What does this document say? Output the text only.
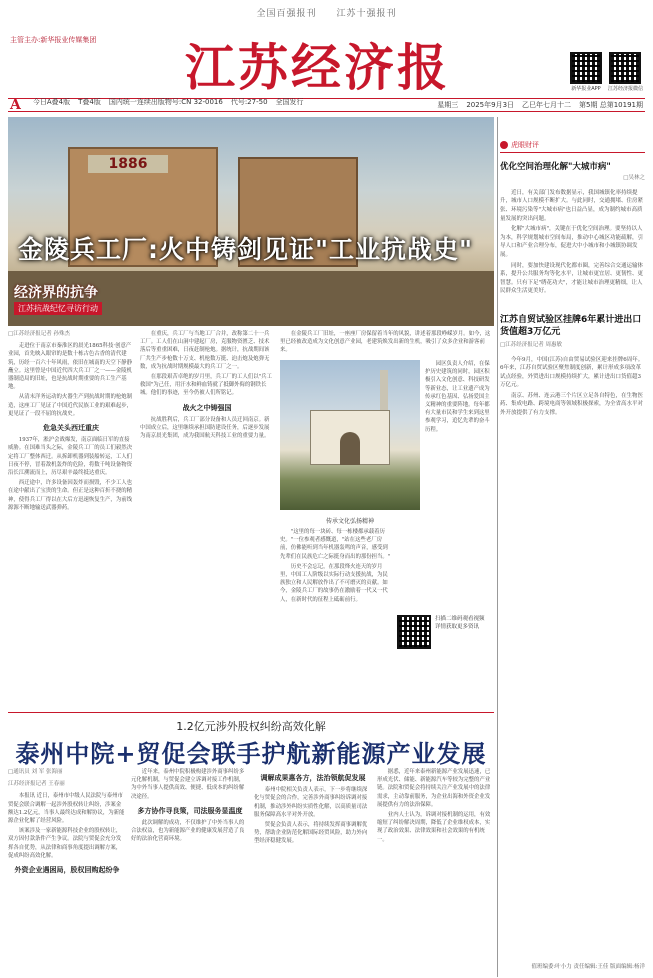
全国百强报刊 江苏十强报刊
主管主办:新华报业传媒集团 江苏经济报	新华报业APP 江苏经济报微信
A 今日A叠4版 T叠4版 国内统一连续出版物号:CN 32-0016 代号:27-50 全国发行	星期三 2025年9月3日 乙巳年七月十二 第5期 总第10191期
1886
金陵兵工厂:火中铸剑见证"工业抗战史"
经济界的抗争
江苏抗战纪忆寻访行动

□江苏经济报记者 孙殊杰

走进位于南京市秦淮区的晨光1865科技·创意产业园，首先映入眼帘的是数十栋古色古香的清代建筑，历经一百六十年风雨，依旧在城南的天空下静静矗立。这里曾是中国近代四大兵工厂之一——金陵机器制造局的旧址，也是抗战时期重要的兵工生产基地。

从清末洋务运动的火器生产到抗战时期的枪炮制造，这座工厂见证了中国近代民族工业的艰难起步，更见证了一段不屈的抗战史。

危急关头西迁重庆

1937年，淞沪会战爆发，南京面临日军的直接威胁。在国难当头之际，金陵兵工厂的员工们毅然决定将工厂整体西迁。从拆卸机器到装船转运，工人们日夜不停，冒着敌机轰炸的危险，将数千吨设备物资沿长江溯流而上，历尽艰辛最终抵达重庆。

西迁途中，许多设备因轰炸而损毁，不少工人也在途中献出了宝贵的生命。但正是这种百折不挠的精神，使得兵工厂得以在大后方迅速恢复生产，为前线源源不断地输送武器弹药。

在重庆，兵工厂与当地工厂合并，改称第二十一兵工厂。工人们在山洞中建起厂房，克服物资匮乏、技术落后等重重困难，日夜赶制枪炮。据统计，抗战期间该厂共生产步枪数十万支、机枪数万挺、迫击炮及炮弹无数，成为抗战时期规模最大的兵工厂之一。

在那段艰苦卓绝的岁月里，兵工厂的工人们以"兵工救国"为己任，用汗水和鲜血铸就了抵御外侮的钢铁长城。他们的事迹，至今仍被人们所铭记。

战火之中铸强国

抗战胜利后，兵工厂部分设备和人员迁回南京。新中国成立后，这里继续承担国防建设任务，后逐步发展为南京晨光集团，成为我国航天科技工业的重要力量。

在金陵兵工厂旧址，一座座厂房保留着当年的风貌，讲述着那段峥嵘岁月。如今，这里已经被改造成为文化创意产业园，老建筑焕发出新的生机，吸引了众多企业和游客前来。

传承文化弘扬精神

园区负责人介绍，在保护历史建筑的同时，园区积极引入文化创意、科技研发等新业态，让工业遗产成为传承红色基因、弘扬爱国主义精神的重要阵地。每年都有大量市民和学生来到这里参观学习，追忆先辈的奋斗历程。

"这里的每一块砖、每一栋楼都承载着历史。"一位参观者感慨道，"站在这些老厂房前，仿佛能听到当年机器轰鸣的声音，感受到先辈们在民族危亡之际挺身而出的那份担当。"

历史不会忘记，在那段烽火连天的岁月里，中国工人阶级以实际行动支援抗战，为民族独立和人民解放作出了不可磨灭的贡献。如今，金陵兵工厂的故事仍在激励着一代又一代人，在新时代的征程上砥砺前行。

扫描二维码观看视频详情获取更多资讯
虎眼财评
优化空间治理化解"大城市病"
□吴林之

近日，有关部门发布数据显示，我国城镇化率持续提升，城市人口规模不断扩大。与此同时，交通拥堵、住房紧张、环境污染等"大城市病"也日益凸显，成为制约城市高质量发展的突出问题。

化解"大城市病"，关键在于优化空间治理。要坚持以人为本，科学规划城市空间布局，推动中心城区功能疏解，引导人口和产业合理分布，促进大中小城市和小城镇协调发展。

同时，要加快建设现代化都市圈，完善综合交通运输体系，提升公共服务均等化水平，让城市更宜居、更韧性、更智慧。只有下足"绣花功夫"，才能让城市治理更精细，让人民群众生活更美好。

江苏自贸试验区挂牌6年累计进出口货值超3万亿元
□江苏经济报记者 周惠敏

今年9月，中国(江苏)自由贸易试验区迎来挂牌6周年。6年来，江苏自贸试验区聚焦制度创新，累计形成多项改革试点经验，外贸进出口规模持续扩大，累计进出口货值超3万亿元。

南京、苏州、连云港三个片区立足各自特色，在生物医药、集成电路、跨境电商等领域积极探索，为全省高水平对外开放提供了有力支撑。

1.2亿元涉外股权纠纷高效化解
泰州中院+贸促会联手护航新能源产业发展

□通讯员 刘 军 张海丽

江苏经济报记者 王春丽

本报讯 近日，泰州市中级人民法院与泰州市贸促会联合调解一起涉外股权转让纠纷，涉案金额达1.2亿元，当事人最终达成和解协议，为新能源企业化解了经营风险。

该案涉及一家新能源科技企业的股权转让，双方因付款条件产生争议。法院与贸促会充分发挥各自优势，从法律和商事角度提出调解方案，促成纠纷高效化解。

外资企业遇困局，股权回购起纷争

近年来，泰州中院积极构建涉外商事纠纷多元化解机制，与贸促会建立诉调对接工作机制，为中外当事人提供高效、便捷、低成本的纠纷解决途径。

多方协作寻良策，司法服务显温度

此次调解的成功，不仅维护了中外当事人的合法权益，也为新能源产业的健康发展营造了良好的法治化营商环境。

调解成果惠各方，法治领航促发展

泰州中院相关负责人表示，下一步将继续深化与贸促会的合作，完善涉外商事纠纷诉调对接机制，推动涉外纠纷实质性化解，以高质量司法服务保障高水平对外开放。

贸促会负责人表示，将持续发挥商事调解优势，帮助企业防范化解国际经贸风险，助力外向型经济稳健发展。

据悉，近年来泰州新能源产业发展迅速，已形成光伏、储能、新能源汽车等较为完整的产业链。法院和贸促会将持续关注产业发展中的法律需求，主动靠前服务，为企业出海和外资企业发展提供有力的法治保障。

业内人士认为，诉调对接机制的运用，有效缩短了纠纷解决周期，降低了企业维权成本，实现了政治效果、法律效果和社会效果的有机统一。

值班编委:叶小力 责任编辑:王佳 版面编辑:杨洋
